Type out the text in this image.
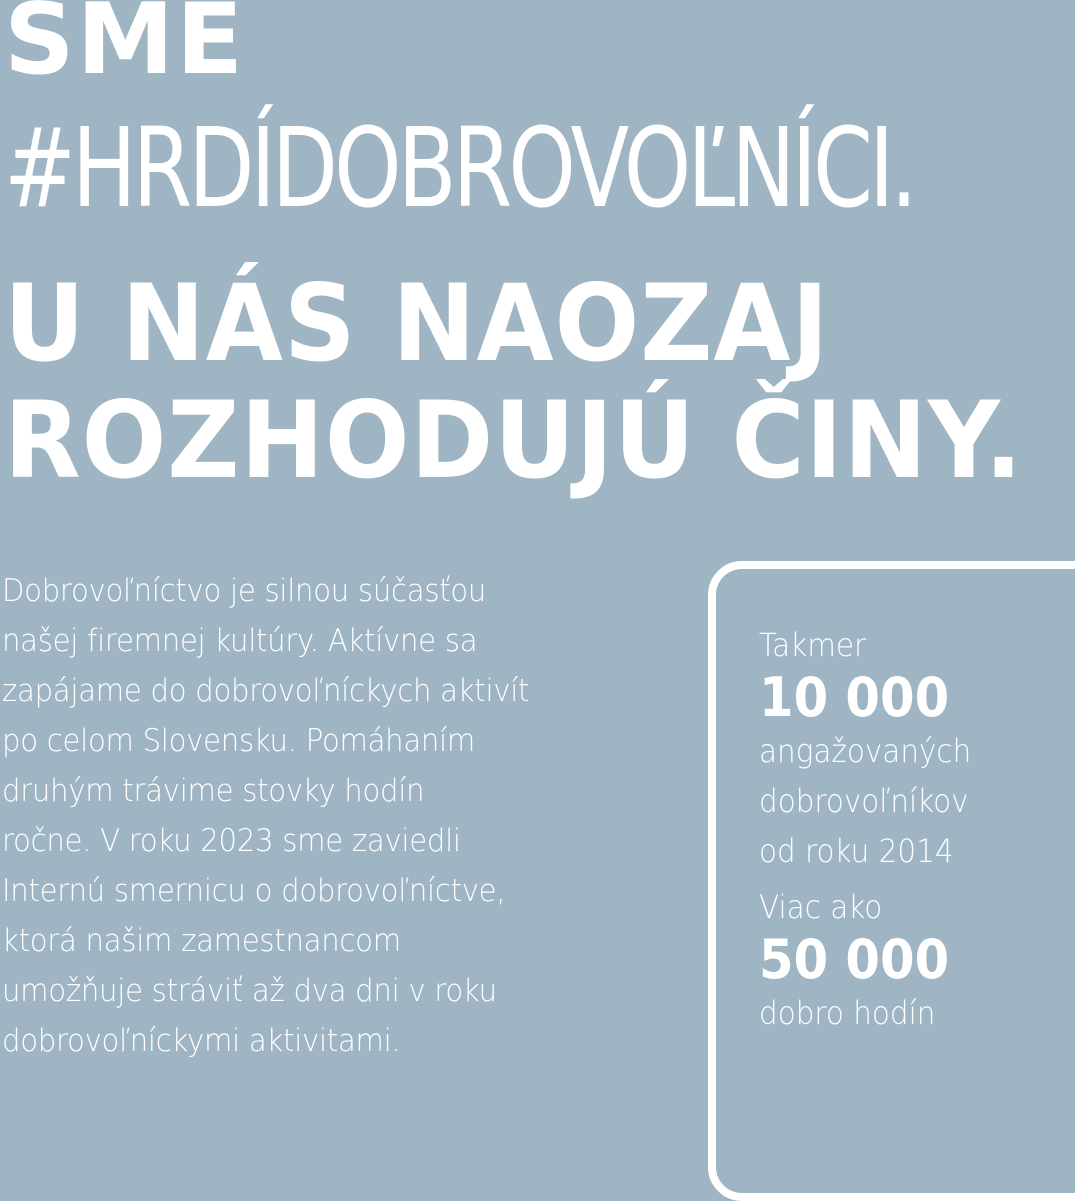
SME
#HRDÍDOBROVOĽNÍCI.
U NÁS NAOZAJ
ROZHODUJÚ ČINY.

Dobrovoľníctvo je silnou súčasťou
našej firemnej kultúry. Aktívne sa
zapájame do dobrovoľníckych aktivít
po celom Slovensku. Pomáhaním
druhým trávime stovky hodín
ročne. V roku 2023 sme zaviedli
Internú smernicu o dobrovoľníctve,
ktorá našim zamestnancom
umožňuje stráviť až dva dni v roku
dobrovoľníckymi aktivitami.

Takmer
10 000
angažovaných
dobrovoľníkov
od roku 2014
Viac ako
50 000
dobro hodín
